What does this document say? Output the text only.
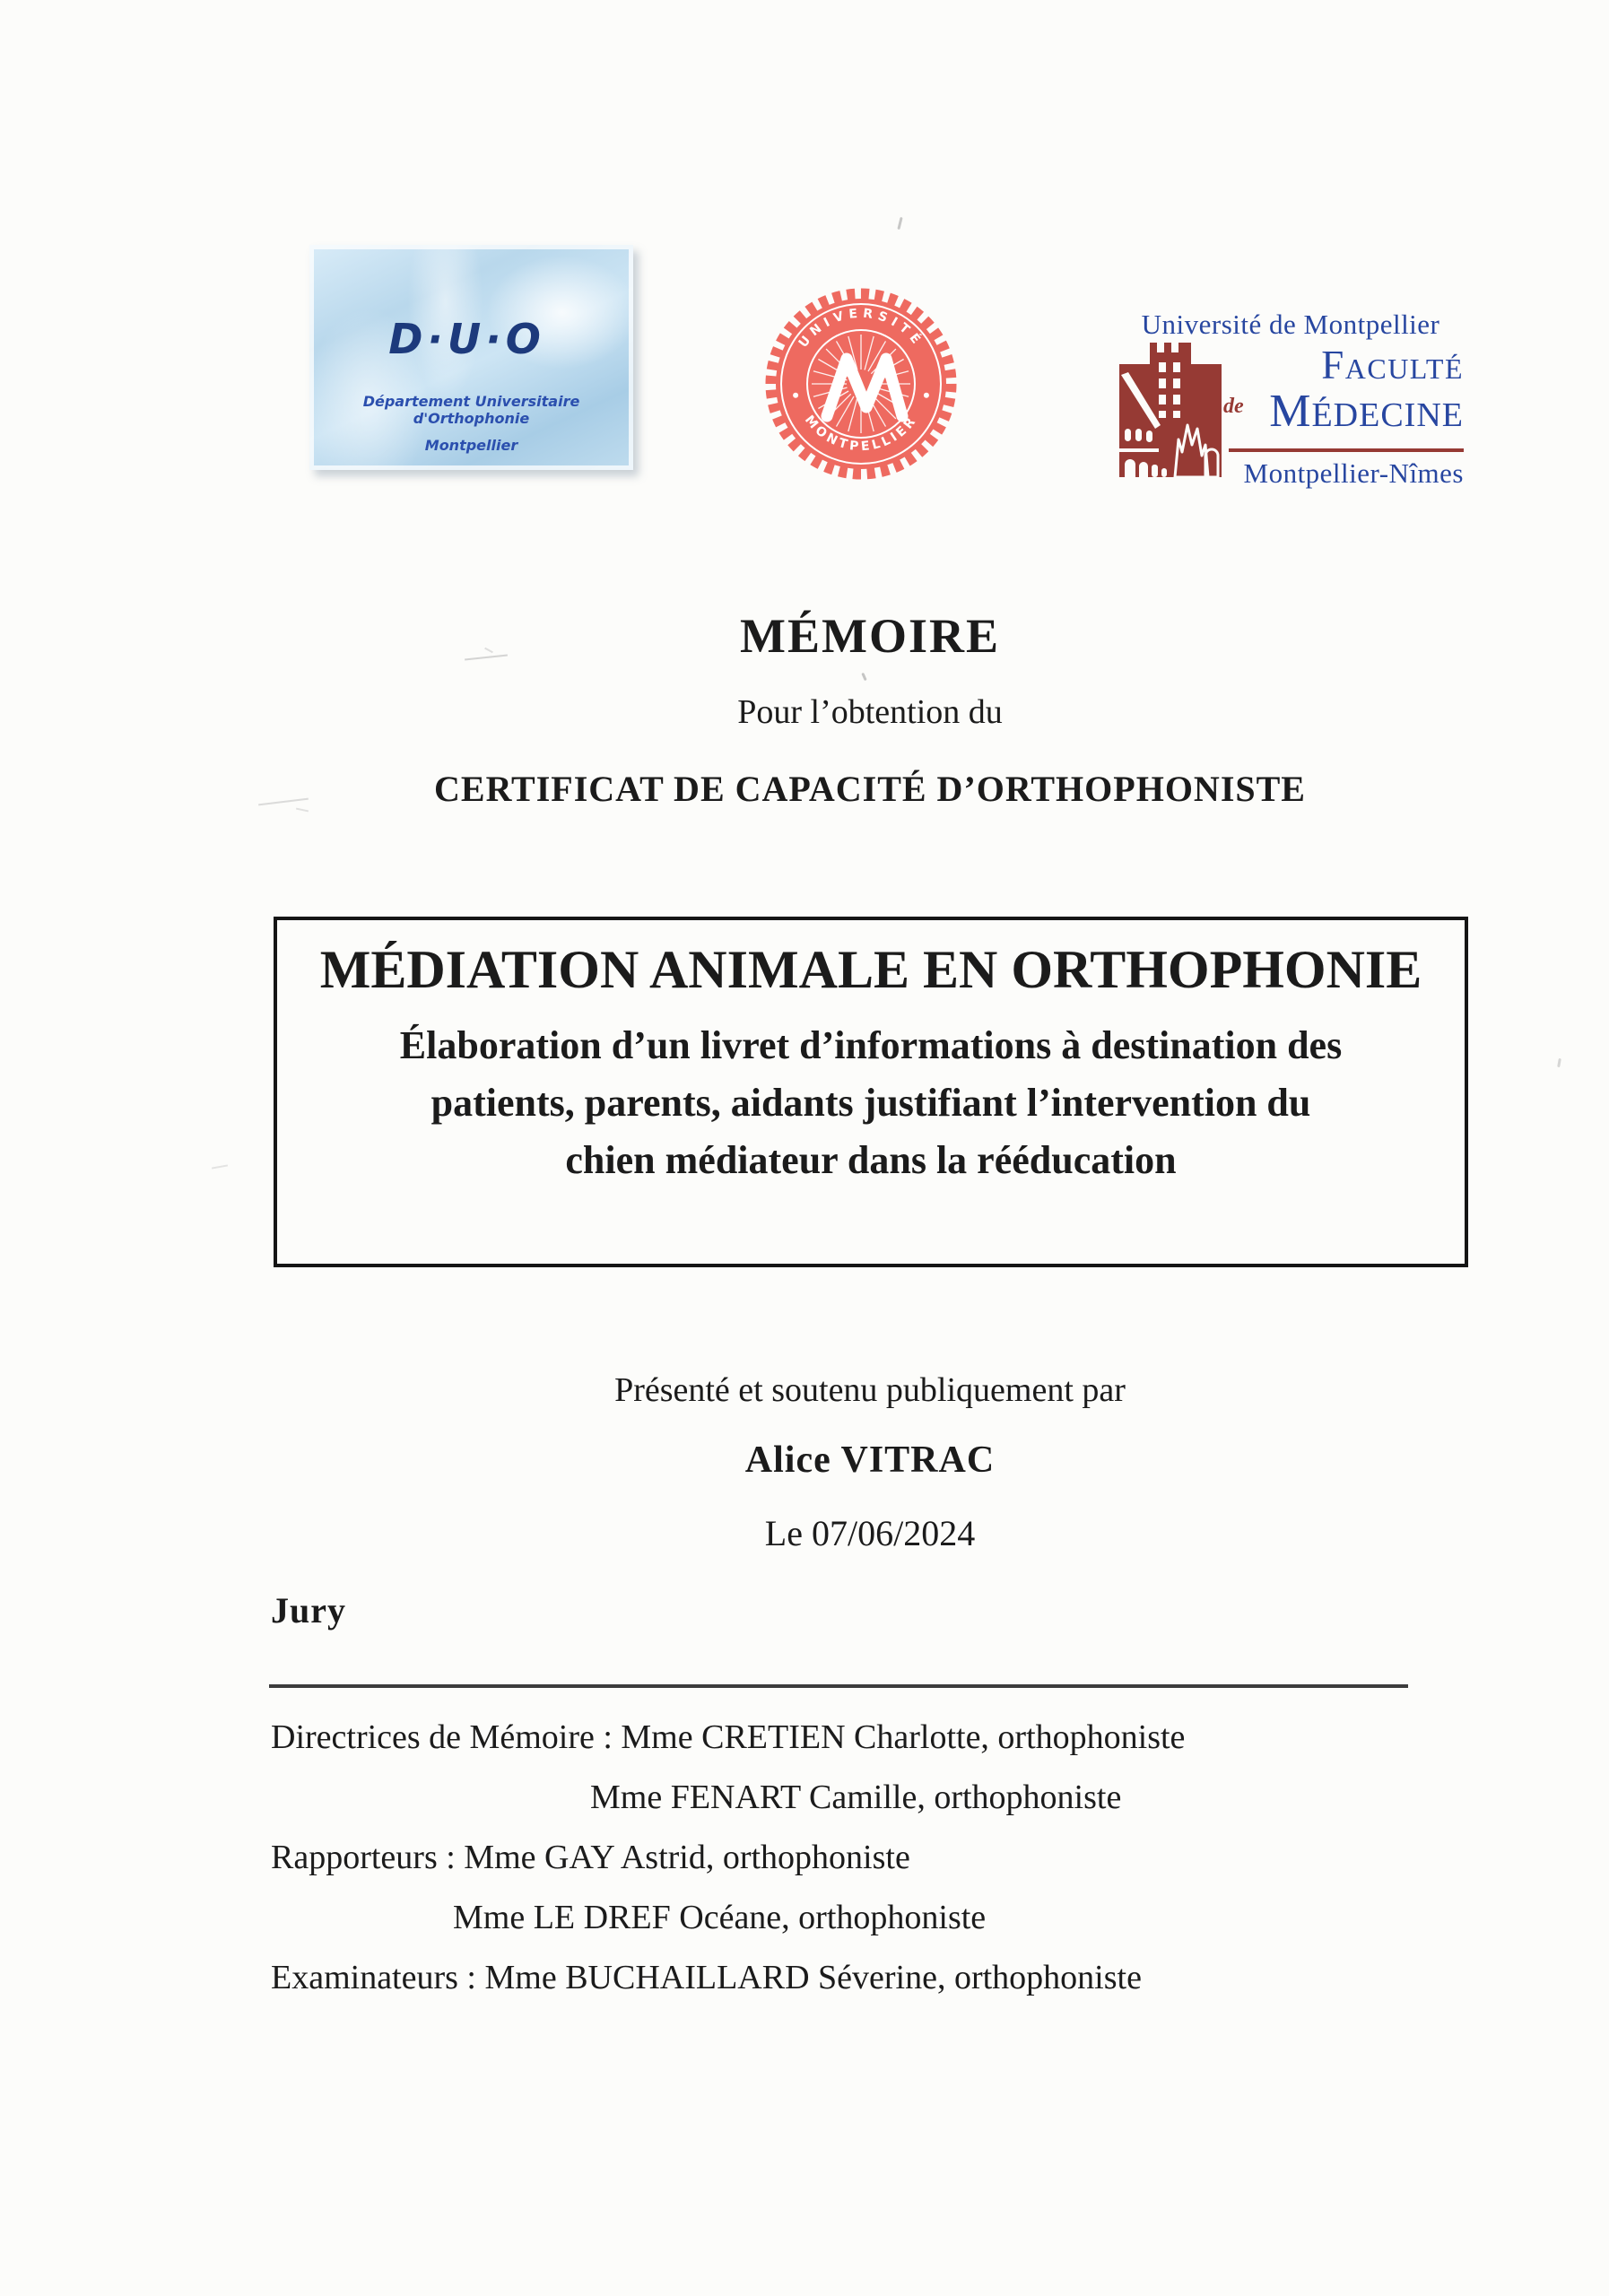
D·U·O
Département Universitaire d'Orthophonie
Montpellier
UNIVERSITÉ
MONTPELLIER
Université de Montpellier
FACULTÉ
de MÉDECINE
Montpellier-Nîmes
MÉMOIRE
Pour l’obtention du
CERTIFICAT DE CAPACITÉ D’ORTHOPHONISTE
MÉDIATION ANIMALE EN ORTHOPHONIE
Élaboration d’un livret d’informations à destination des
patients, parents, aidants justifiant l’intervention du
chien médiateur dans la rééducation
Présenté et soutenu publiquement par
Alice VITRAC
Le 07/06/2024
Jury
Directrices de Mémoire : Mme CRETIEN Charlotte, orthophoniste
Mme FENART Camille, orthophoniste
Rapporteurs : Mme GAY Astrid, orthophoniste
Mme LE DREF Océane, orthophoniste
Examinateurs : Mme BUCHAILLARD Séverine, orthophoniste
